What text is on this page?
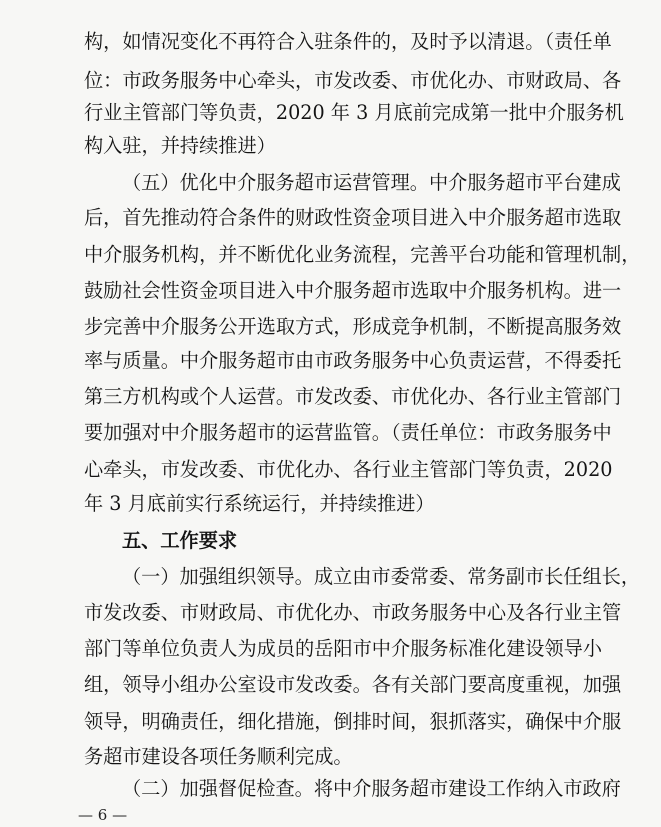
构，如情况变化不再符合入驻条件的，及时予以清退。（责任单
位：市政务服务中心牵头，市发改委、市优化办、市财政局、各
行业主管部门等负责，2020 年 3 月底前完成第一批中介服务机
构入驻，并持续推进）
（五）优化中介服务超市运营管理。中介服务超市平台建成
后，首先推动符合条件的财政性资金项目进入中介服务超市选取
中介服务机构，并不断优化业务流程，完善平台功能和管理机制，
鼓励社会性资金项目进入中介服务超市选取中介服务机构。进一
步完善中介服务公开选取方式，形成竞争机制，不断提高服务效
率与质量。中介服务超市由市政务服务中心负责运营，不得委托
第三方机构或个人运营。市发改委、市优化办、各行业主管部门
要加强对中介服务超市的运营监管。（责任单位：市政务服务中
心牵头，市发改委、市优化办、各行业主管部门等负责，2020
年 3 月底前实行系统运行，并持续推进）
五、工作要求
（一）加强组织领导。成立由市委常委、常务副市长任组长，
市发改委、市财政局、市优化办、市政务服务中心及各行业主管
部门等单位负责人为成员的岳阳市中介服务标准化建设领导小
组，领导小组办公室设市发改委。各有关部门要高度重视，加强
领导，明确责任，细化措施，倒排时间，狠抓落实，确保中介服
务超市建设各项任务顺利完成。
（二）加强督促检查。将中介服务超市建设工作纳入市政府
— 6 —
